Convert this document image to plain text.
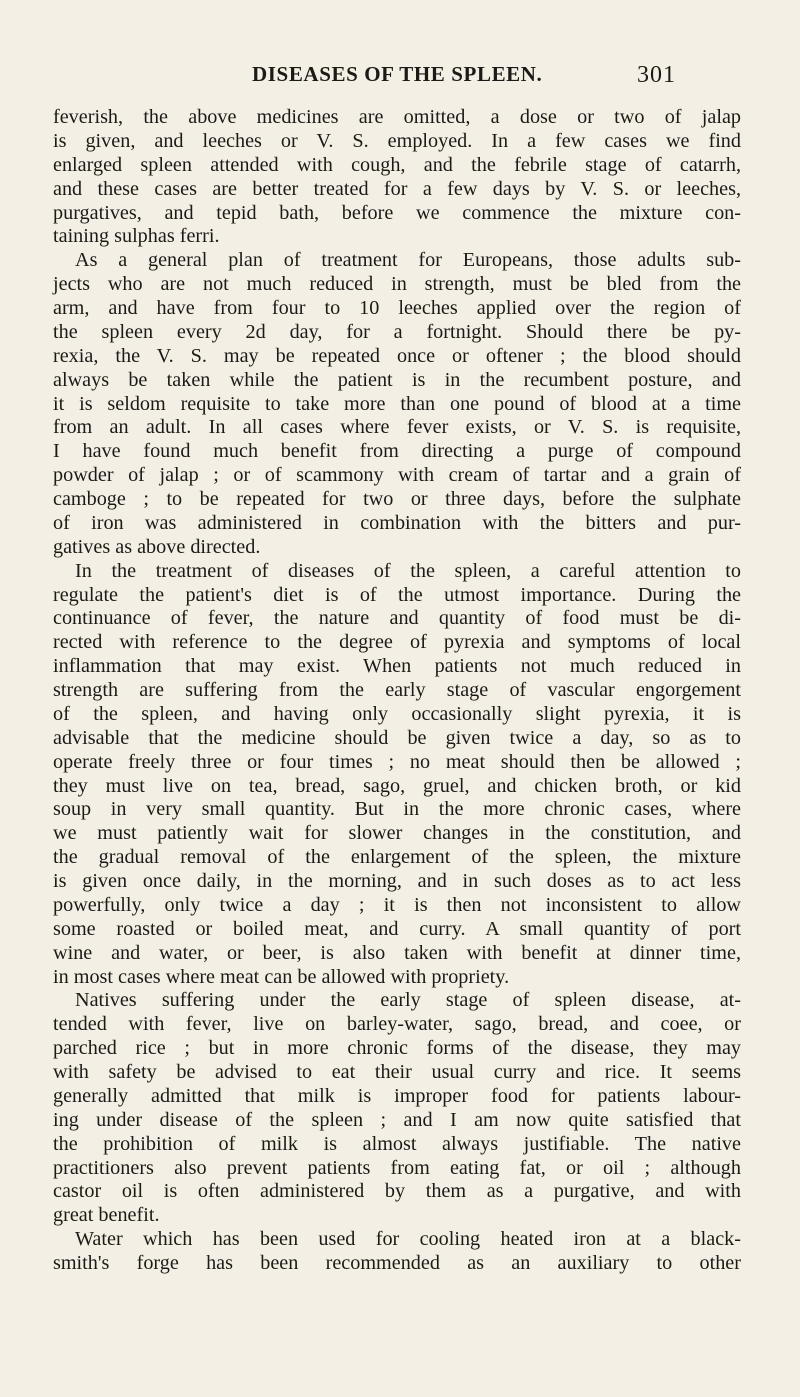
DISEASES OF THE SPLEEN.	301
feverish, the above medicines are omitted, a dose or two of jalap
is given, and leeches or V. S. employed. In a few cases we find
enlarged spleen attended with cough, and the febrile stage of catarrh,
and these cases are better treated for a few days by V. S. or leeches,
purgatives, and tepid bath, before we commence the mixture con-
taining sulphas ferri.
As a general plan of treatment for Europeans, those adults sub-
jects who are not much reduced in strength, must be bled from the
arm, and have from four to 10 leeches applied over the region of
the spleen every 2d day, for a fortnight. Should there be py-
rexia, the V. S. may be repeated once or oftener ; the blood should
always be taken while the patient is in the recumbent posture, and
it is seldom requisite to take more than one pound of blood at a time
from an adult. In all cases where fever exists, or V. S. is requisite,
I have found much benefit from directing a purge of compound
powder of jalap ; or of scammony with cream of tartar and a grain of
camboge ; to be repeated for two or three days, before the sulphate
of iron was administered in combination with the bitters and pur-
gatives as above directed.
In the treatment of diseases of the spleen, a careful attention to
regulate the patient's diet is of the utmost importance. During the
continuance of fever, the nature and quantity of food must be di-
rected with reference to the degree of pyrexia and symptoms of local
inflammation that may exist. When patients not much reduced in
strength are suffering from the early stage of vascular engorgement
of the spleen, and having only occasionally slight pyrexia, it is
advisable that the medicine should be given twice a day, so as to
operate freely three or four times ; no meat should then be allowed ;
they must live on tea, bread, sago, gruel, and chicken broth, or kid
soup in very small quantity. But in the more chronic cases, where
we must patiently wait for slower changes in the constitution, and
the gradual removal of the enlargement of the spleen, the mixture
is given once daily, in the morning, and in such doses as to act less
powerfully, only twice a day ; it is then not inconsistent to allow
some roasted or boiled meat, and curry. A small quantity of port
wine and water, or beer, is also taken with benefit at dinner time,
in most cases where meat can be allowed with propriety.
Natives suffering under the early stage of spleen disease, at-
tended with fever, live on barley-water, sago, bread, and coee, or
parched rice ; but in more chronic forms of the disease, they may
with safety be advised to eat their usual curry and rice. It seems
generally admitted that milk is improper food for patients labour-
ing under disease of the spleen ; and I am now quite satisfied that
the prohibition of milk is almost always justifiable. The native
practitioners also prevent patients from eating fat, or oil ; although
castor oil is often administered by them as a purgative, and with
great benefit.
Water which has been used for cooling heated iron at a black-
smith's forge has been recommended as an auxiliary to other
